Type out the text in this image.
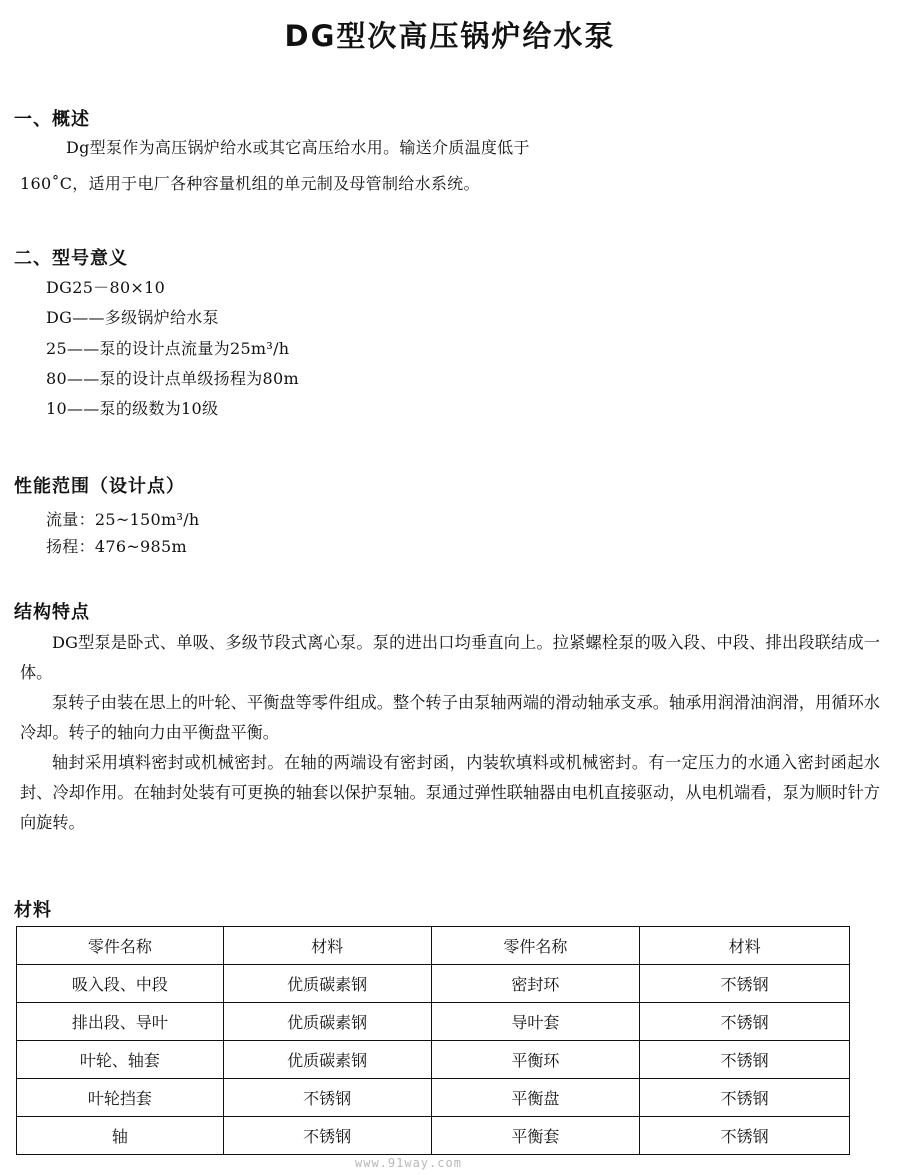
DG型次高压锅炉给水泵
一、概述
Dg型泵作为高压锅炉给水或其它高压给水用。输送介质温度低于
160˚C，适用于电厂各种容量机组的单元制及母管制给水系统。
二、型号意义
DG25－80×10
DG——多级锅炉给水泵
25——泵的设计点流量为25m³/h
80——泵的设计点单级扬程为80m
10——泵的级数为10级
性能范围（设计点）
流量：25~150m³/h
扬程：476~985m
结构特点

DG型泵是卧式、单吸、多级节段式离心泵。泵的进出口均垂直向上。拉紧螺栓泵的吸入段、中段、排出段联结成一体。

泵转子由装在思上的叶轮、平衡盘等零件组成。整个转子由泵轴两端的滑动轴承支承。轴承用润滑油润滑，用循环水冷却。转子的轴向力由平衡盘平衡。

轴封采用填料密封或机械密封。在轴的两端设有密封函，内装软填料或机械密封。有一定压力的水通入密封函起水封、冷却作用。在轴封处装有可更换的轴套以保护泵轴。泵通过弹性联轴器由电机直接驱动，从电机端看，泵为顺时针方向旋转。

材料
零件名称	材料	零件名称	材料
吸入段、中段	优质碳素钢	密封环	不锈钢
排出段、导叶	优质碳素钢	导叶套	不锈钢
叶轮、轴套	优质碳素钢	平衡环	不锈钢
叶轮挡套	不锈钢	平衡盘	不锈钢
轴	不锈钢	平衡套	不锈钢
www.91way.com
